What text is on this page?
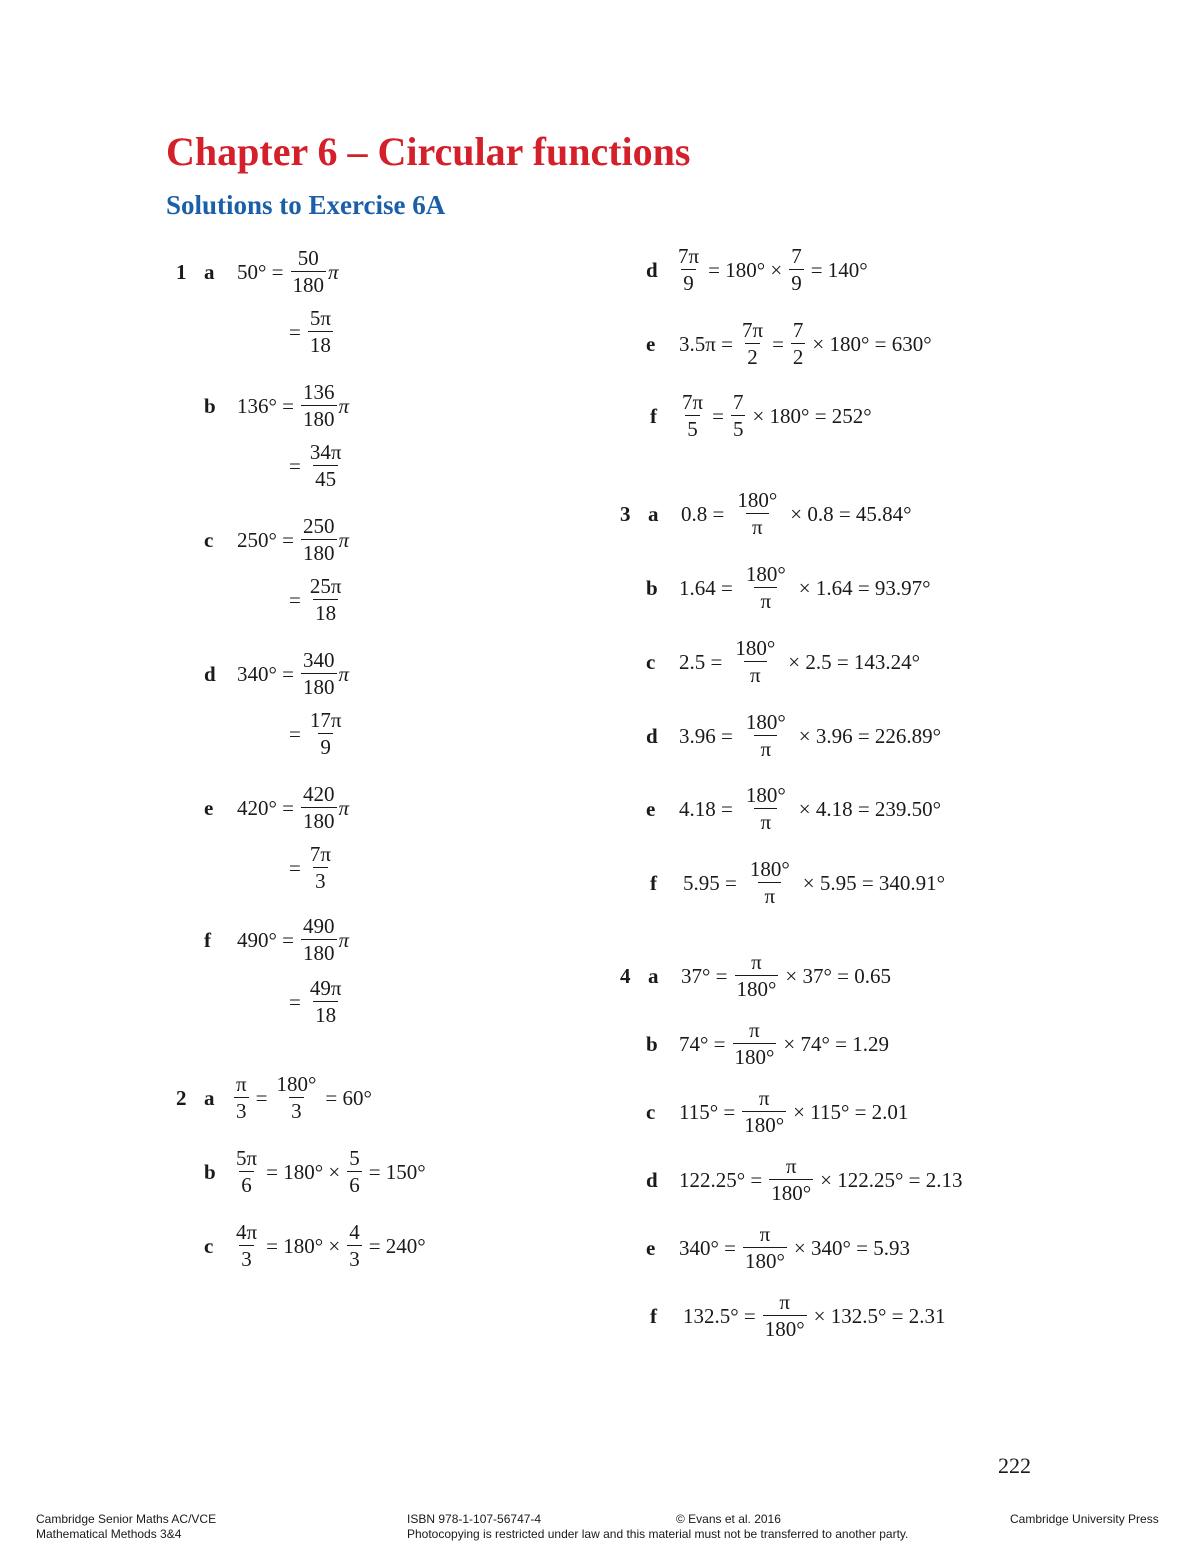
Chapter 6 – Circular functions
Solutions to Exercise 6A
1 a	$50^\circ = \frac{50}{180}$ π
= $\frac{5\pi}{18}$
b	$136^\circ = \frac{136}{180}$ π
= $\frac{34\pi}{45}$
c	$250^\circ = \frac{250}{180}$ π
= $\frac{25\pi}{18}$
d	$340^\circ = \frac{340}{180}$ π
= $\frac{17\pi}{9}$
e	$420^\circ = \frac{420}{180}$ π
= $\frac{7\pi}{3}$
f	$490^\circ = \frac{490}{180}$ π
= $\frac{49\pi}{18}$
2 a $\frac{\pi}{3} = \frac{180^\circ}{3} = 60^\circ$
b $\frac{5\pi}{6} = 180^\circ \times \frac{5}{6} = 150^\circ$
c $\frac{4\pi}{3} = 180^\circ \times \frac{4}{3} = 240^\circ$
d $\frac{7\pi}{9} = 180^\circ \times \frac{7}{9} = 140^\circ$
e	$3.5\pi = \frac{7\pi}{2} = \frac{7}{2} \times 180^\circ = 630^\circ$
f	$\frac{7\pi}{5} = \frac{7}{5} \times 180^\circ = 252^\circ$
3 a	$0.8 = \frac{180^\circ}{\pi} \times 0.8 = 45.84^\circ$
b	$1.64 = \frac{180^\circ}{\pi} \times 1.64 = 93.97^\circ$
c	$2.5 = \frac{180^\circ}{\pi} \times 2.5 = 143.24^\circ$
d	$3.96 = \frac{180^\circ}{\pi} \times 3.96 = 226.89^\circ$
e	$4.18 = \frac{180^\circ}{\pi} \times 4.18 = 239.50^\circ$
f	$5.95 = \frac{180^\circ}{\pi} \times 5.95 = 340.91^\circ$
4 a	$37^\circ = \frac{\pi}{180^\circ} \times 37^\circ = 0.65$
b	$74^\circ = \frac{\pi}{180^\circ} \times 74^\circ = 1.29$
c	$115^\circ = \frac{\pi}{180^\circ} \times 115^\circ = 2.01$
d	$122.25^\circ = \frac{\pi}{180^\circ} \times 122.25^\circ = 2.13$
e	$340^\circ = \frac{\pi}{180^\circ} \times 340^\circ = 5.93$
f	$132.5^\circ = \frac{\pi}{180^\circ} \times 132.5^\circ = 2.31$
222
Cambridge Senior Maths AC/VCE
Mathematical Methods 3&4
ISBN 978-1-107-56747-4
Photocopying is restricted under law and this material must not be transferred to another party.
© Evans et al. 2016	Cambridge University Press
